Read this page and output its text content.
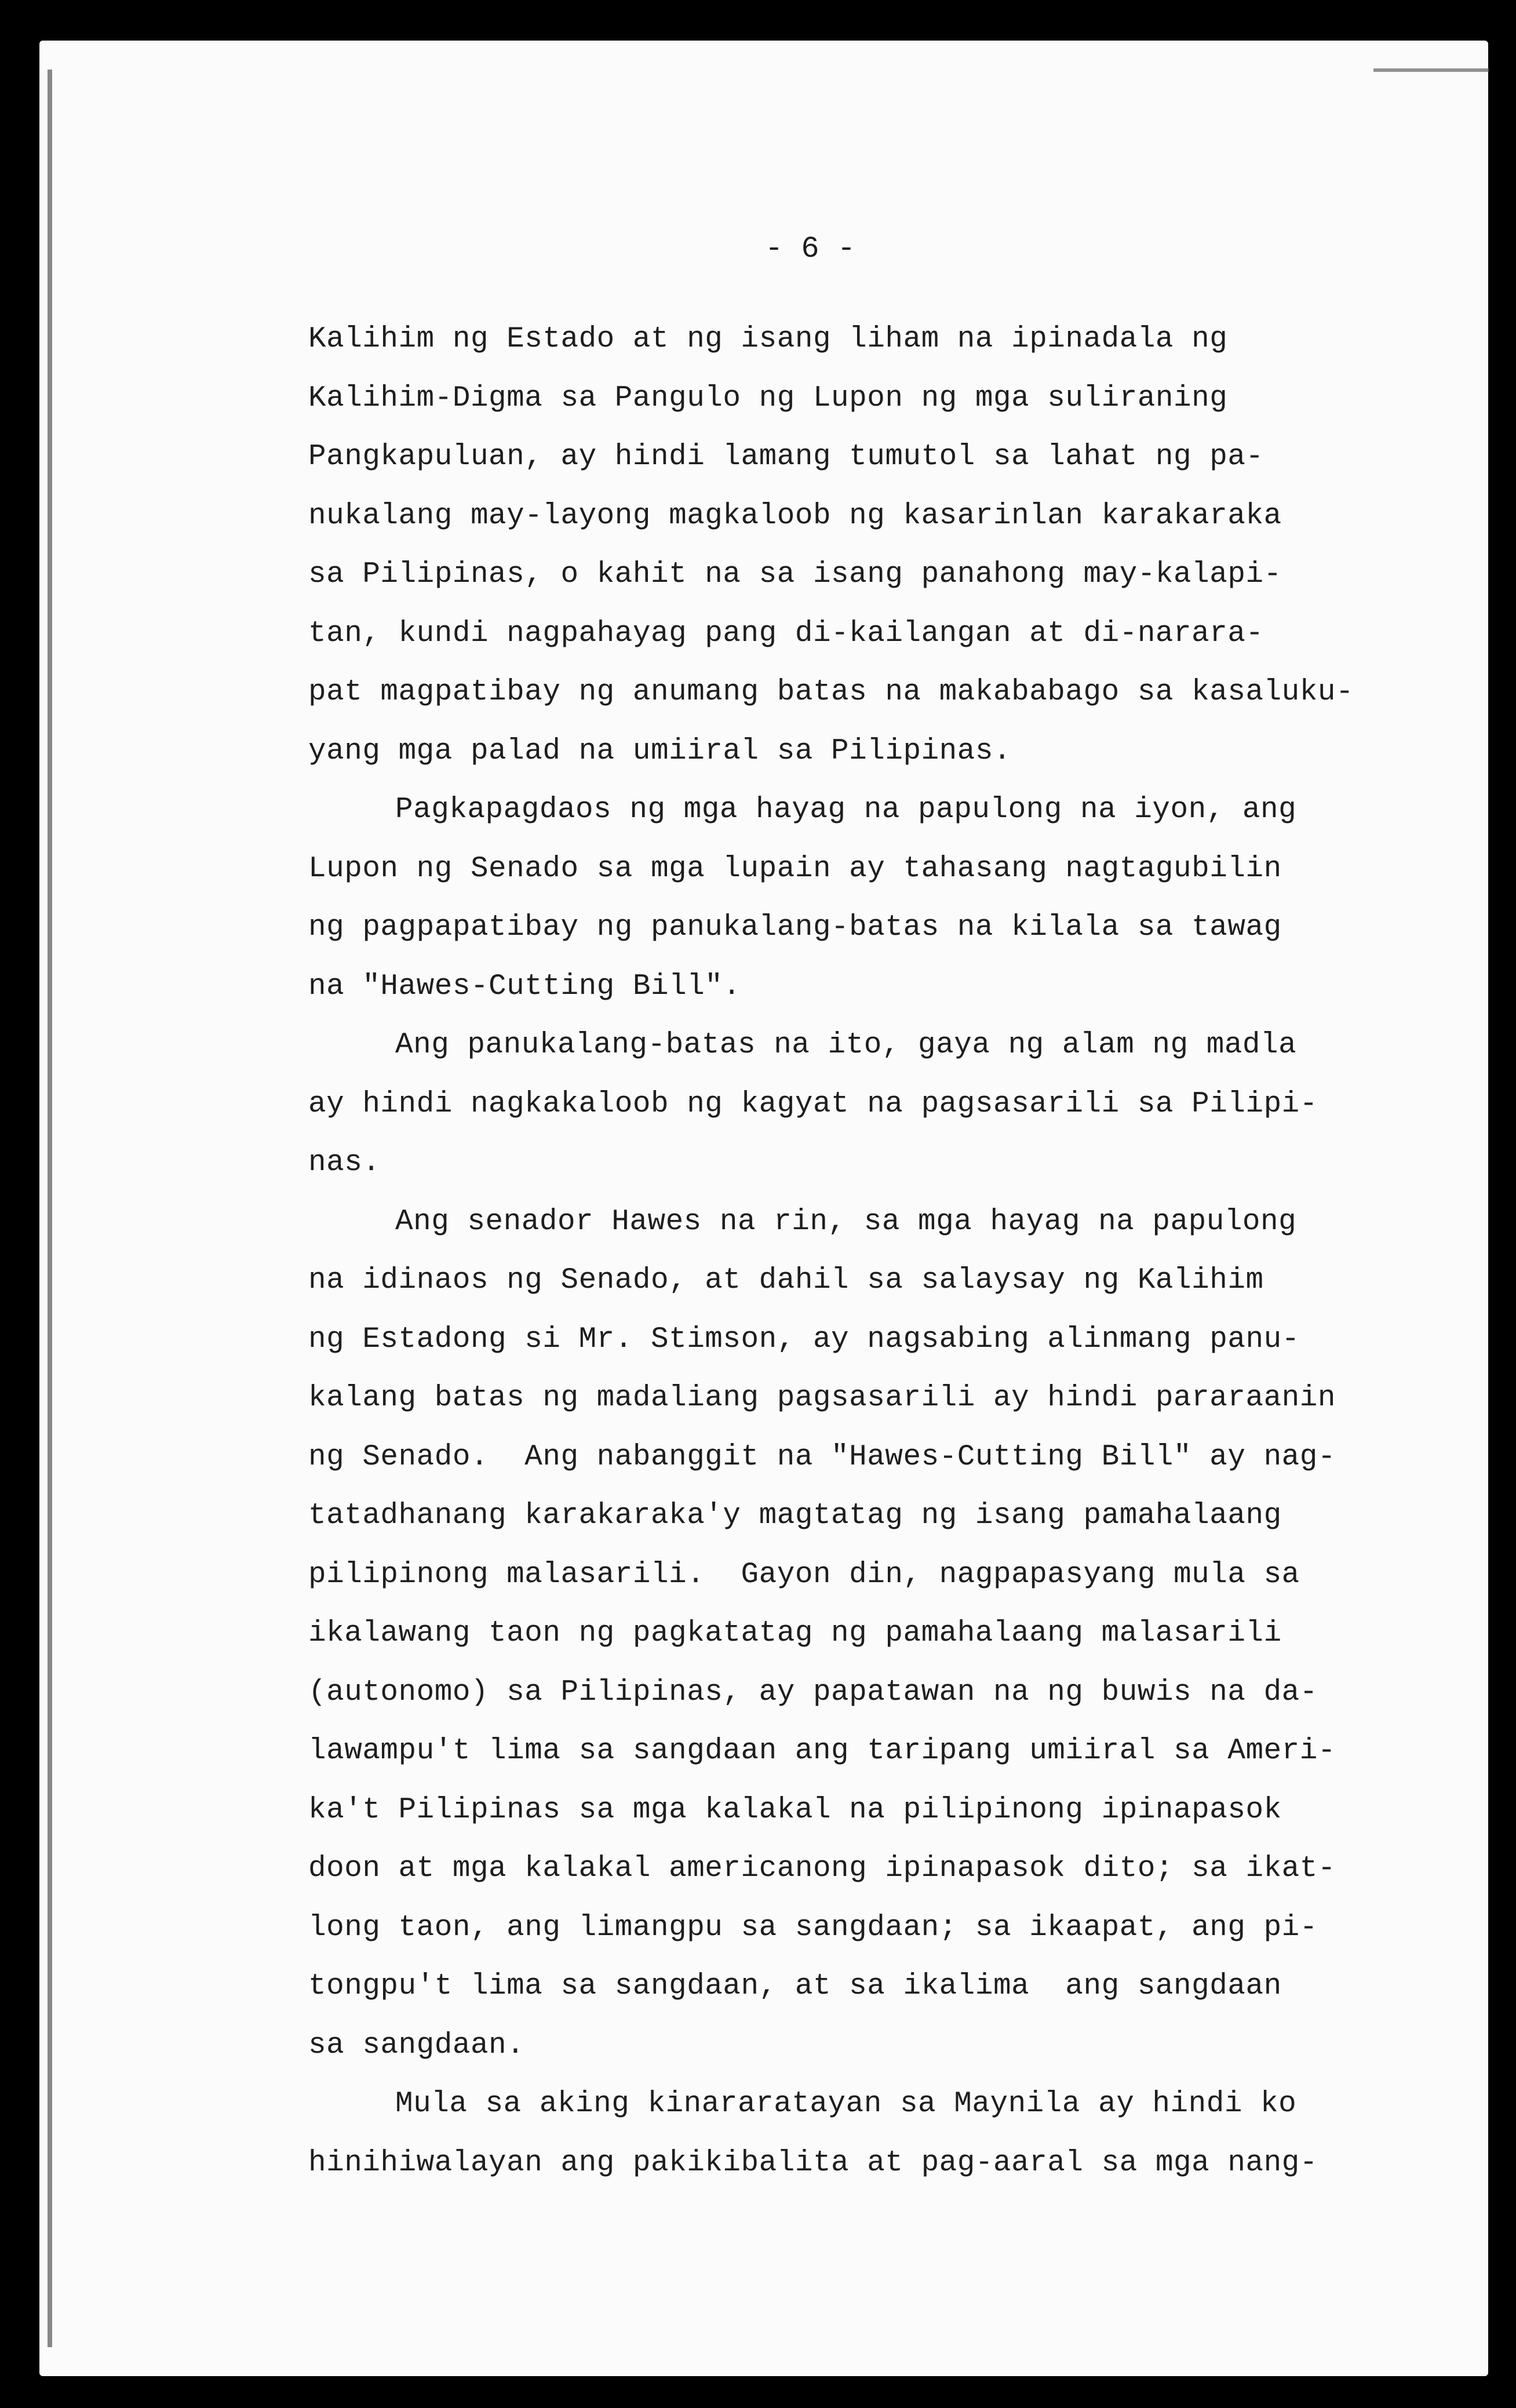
- 6 -
Kalihim ng Estado at ng isang liham na ipinadala ng
Kalihim-Digma sa Pangulo ng Lupon ng mga suliraning
Pangkapuluan, ay hindi lamang tumutol sa lahat ng pa-
nukalang may-layong magkaloob ng kasarinlan karakaraka
sa Pilipinas, o kahit na sa isang panahong may-kalapi-
tan, kundi nagpahayag pang di-kailangan at di-narara-
pat magpatibay ng anumang batas na makababago sa kasaluku-
yang mga palad na umiiral sa Pilipinas.
Pagkapagdaos ng mga hayag na papulong na iyon, ang
Lupon ng Senado sa mga lupain ay tahasang nagtagubilin
ng pagpapatibay ng panukalang-batas na kilala sa tawag
na "Hawes-Cutting Bill".
Ang panukalang-batas na ito, gaya ng alam ng madla
ay hindi nagkakaloob ng kagyat na pagsasarili sa Pilipi-
nas.
Ang senador Hawes na rin, sa mga hayag na papulong
na idinaos ng Senado, at dahil sa salaysay ng Kalihim
ng Estadong si Mr. Stimson, ay nagsabing alinmang panu-
kalang batas ng madaliang pagsasarili ay hindi pararaanin
ng Senado.  Ang nabanggit na "Hawes-Cutting Bill" ay nag-
tatadhanang karakaraka'y magtatag ng isang pamahalaang
pilipinong malasarili.  Gayon din, nagpapasyang mula sa
ikalawang taon ng pagkatatag ng pamahalaang malasarili
(autonomo) sa Pilipinas, ay papatawan na ng buwis na da-
lawampu't lima sa sangdaan ang taripang umiiral sa Ameri-
ka't Pilipinas sa mga kalakal na pilipinong ipinapasok
doon at mga kalakal americanong ipinapasok dito; sa ikat-
long taon, ang limangpu sa sangdaan; sa ikaapat, ang pi-
tongpu't lima sa sangdaan, at sa ikalima  ang sangdaan
sa sangdaan.
Mula sa aking kinararatayan sa Maynila ay hindi ko
hinihiwalayan ang pakikibalita at pag-aaral sa mga nang-
